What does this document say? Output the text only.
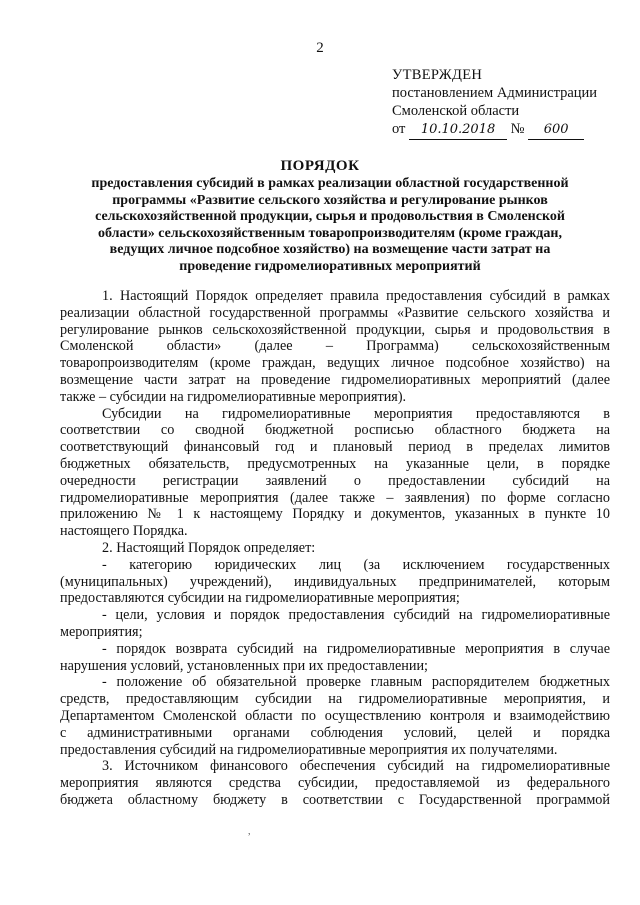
2
УТВЕРЖДЕН
постановлением Администрации
Смоленской области
от 10.10.2018 № 600
ПОРЯДОК
предоставления субсидий в рамках реализации областной государственной
программы «Развитие сельского хозяйства и регулирование рынков
сельскохозяйственной продукции, сырья и продовольствия в Смоленской
области» сельскохозяйственным товаропроизводителям (кроме граждан,
ведущих личное подсобное хозяйство) на возмещение части затрат на
проведение гидромелиоративных мероприятий
1. Настоящий Порядок определяет правила предоставления субсидий в рамках
реализации областной государственной программы «Развитие сельского хозяйства и
регулирование рынков сельскохозяйственной продукции, сырья и продовольствия в
Смоленской области» (далее – Программа) сельскохозяйственным
товаропроизводителям (кроме граждан, ведущих личное подсобное хозяйство) на
возмещение части затрат на проведение гидромелиоративных мероприятий (далее
также – субсидии на гидромелиоративные мероприятия).
Субсидии на гидромелиоративные мероприятия предоставляются в
соответствии со сводной бюджетной росписью областного бюджета на
соответствующий финансовый год и плановый период в пределах лимитов
бюджетных обязательств, предусмотренных на указанные цели, в порядке
очередности регистрации заявлений о предоставлении субсидий на
гидромелиоративные мероприятия (далее также – заявления) по форме согласно
приложению № 1 к настоящему Порядку и документов, указанных в пункте 10
настоящего Порядка.
2. Настоящий Порядок определяет:
- категорию юридических лиц (за исключением государственных
(муниципальных) учреждений), индивидуальных предпринимателей, которым
предоставляются субсидии на гидромелиоративные мероприятия;
- цели, условия и порядок предоставления субсидий на гидромелиоративные
мероприятия;
- порядок возврата субсидий на гидромелиоративные мероприятия в случае
нарушения условий, установленных при их предоставлении;
- положение об обязательной проверке главным распорядителем бюджетных
средств, предоставляющим субсидии на гидромелиоративные мероприятия, и
Департаментом Смоленской области по осуществлению контроля и взаимодействию
с административными органами соблюдения условий, целей и порядка
предоставления субсидий на гидромелиоративные мероприятия их получателями.
3. Источником финансового обеспечения субсидий на гидромелиоративные
мероприятия являются средства субсидии, предоставляемой из федерального
бюджета областному бюджету в соответствии с Государственной программой
,
